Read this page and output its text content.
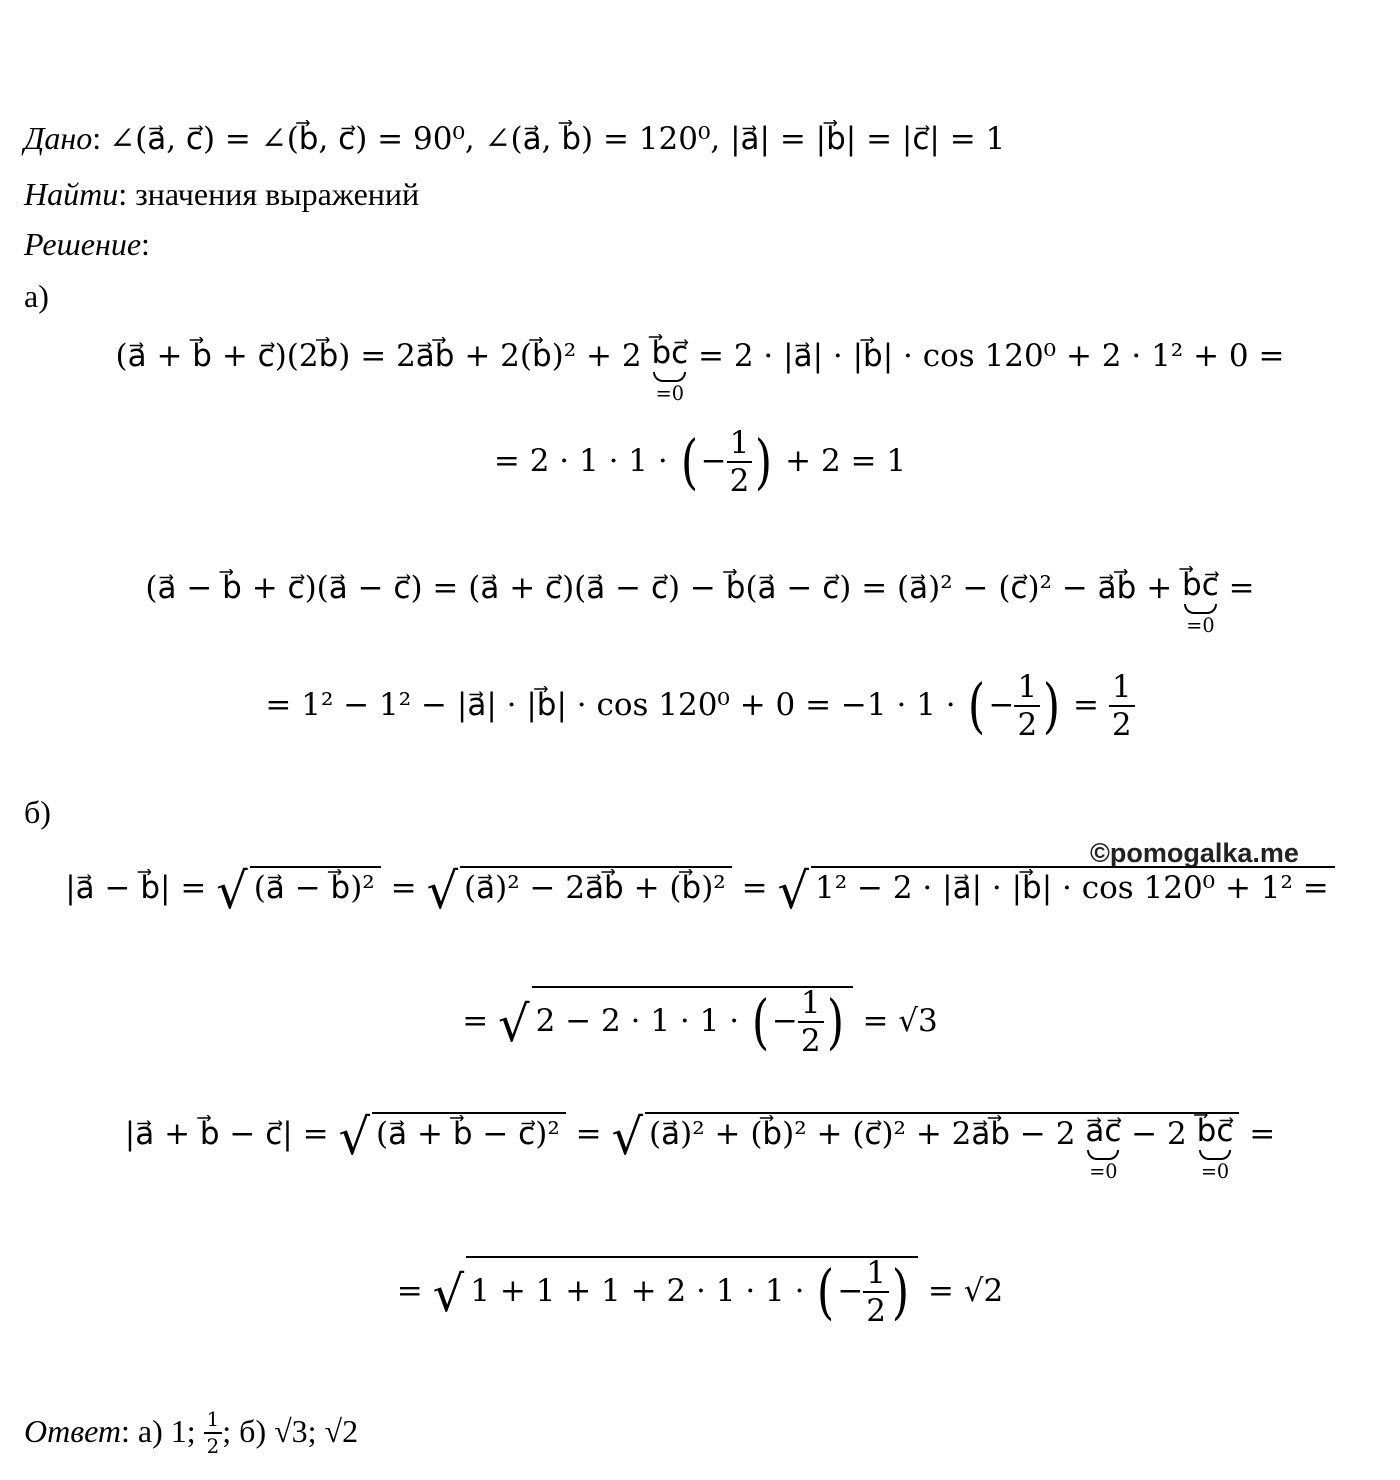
Дано: ∠(a⃗, c⃗) = ∠(b⃗, c⃗) = 90⁰, ∠(a⃗, b⃗) = 120⁰, |a⃗| = |b⃗| = |c⃗| = 1
Найти: значения выражений
Решение:
а)
(a⃗ + b⃗ + c⃗)(2b⃗) = 2a⃗b⃗ + 2(b⃗)² + 2 b⃗c⃗
=0
= 2 · |a⃗| · |b⃗| · cos 120⁰ + 2 · 1² + 0 =
= 2 · 1 · 1 · (− $\frac{1}{2}$ ) + 2 = 1
(a⃗ − b⃗ + c⃗)(a⃗ − c⃗) = (a⃗ + c⃗)(a⃗ − c⃗) − b⃗(a⃗ − c⃗) = (a⃗)² − (c⃗)² − a⃗b⃗ + b⃗c⃗
=0
=
= 1² − 1² − |a⃗| · |b⃗| · cos 120⁰ + 0 = −1 · 1 · (− $\frac{1}{2}$ ) = $\frac{1}{2}$
б)
©pomogalka.me
|a⃗ − b⃗| = √ (a⃗ − b⃗)² = √ (a⃗)² − 2a⃗b⃗ + (b⃗)² = √ 1² − 2 · |a⃗| · |b⃗| · cos 120⁰ + 1² =
= √ 2 − 2 · 1 · 1 · (− $\frac{1}{2}$ ) = √3
|a⃗ + b⃗ − c⃗| = √ (a⃗ + b⃗ − c⃗)² = √ (a⃗)² + (b⃗)² + (c⃗)² + 2a⃗b⃗ − 2 a⃗c⃗
=0
− 2 b⃗c⃗
=0
=
= √ 1 + 1 + 1 + 2 · 1 · 1 · (− $\frac{1}{2}$ ) = √2
Ответ: а) 1; $\frac{1}{2}$ ; б) √3; √2
